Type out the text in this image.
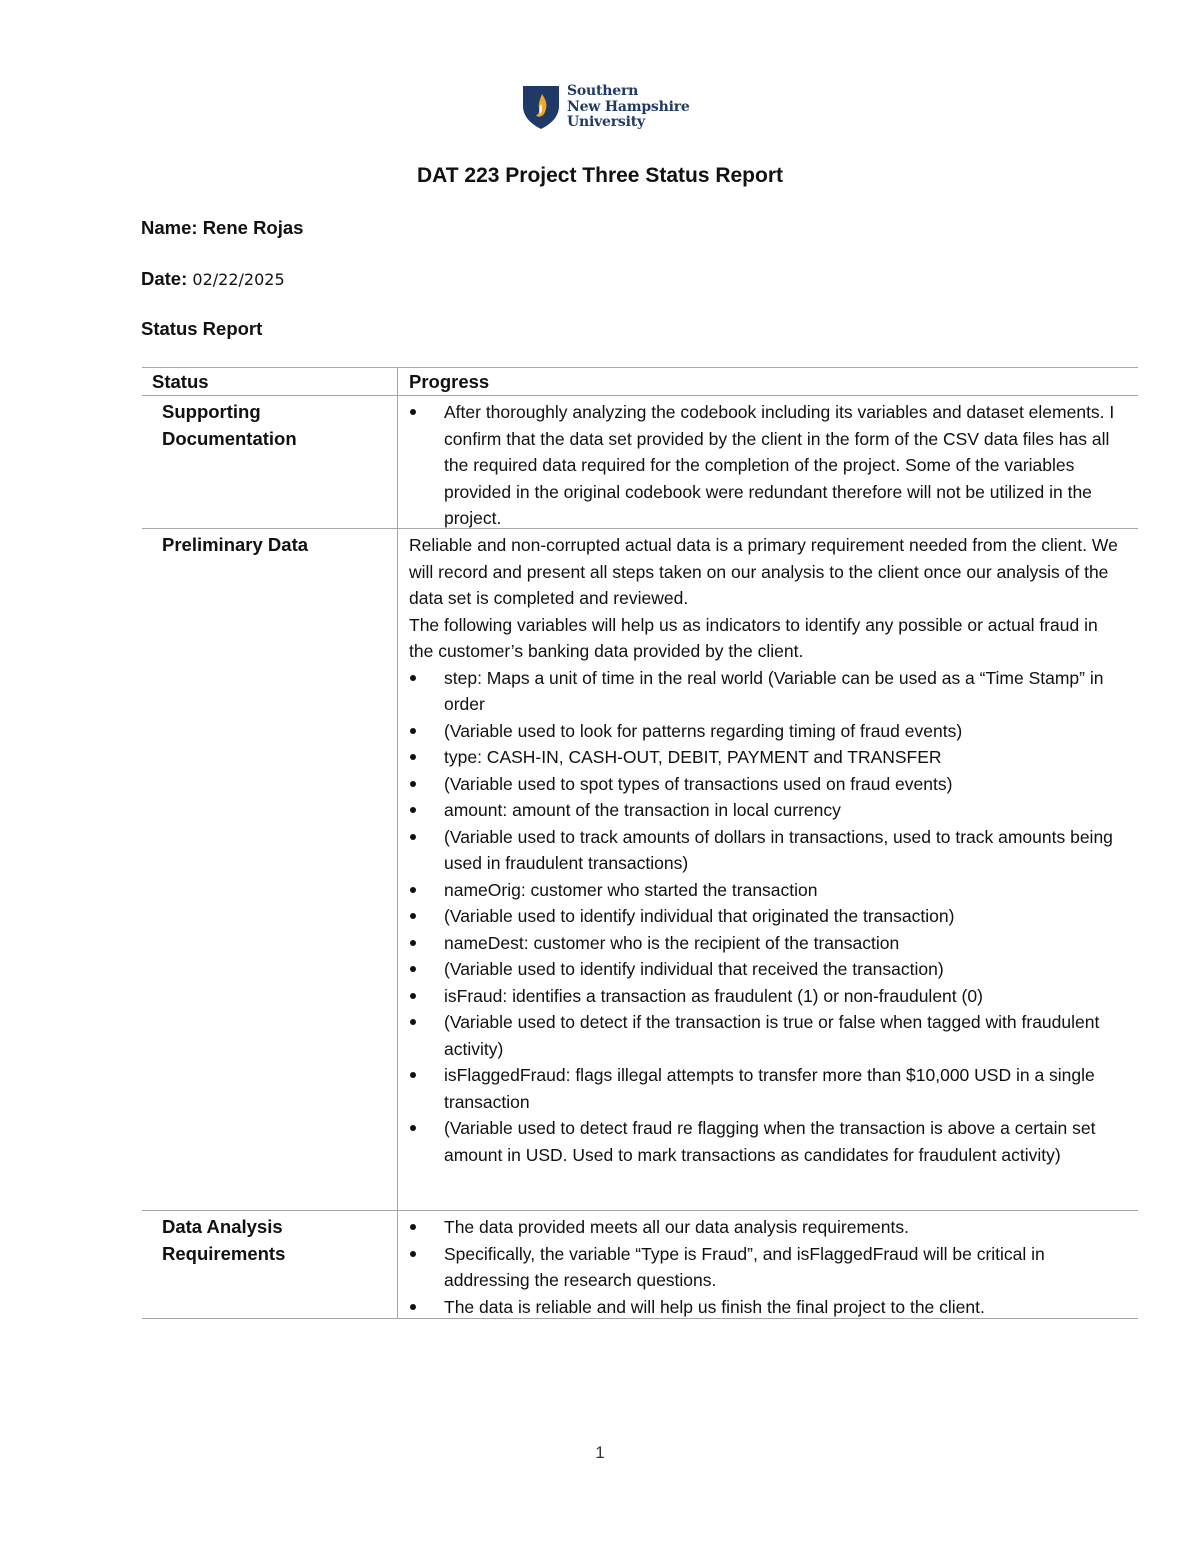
Southern
New Hampshire
University
DAT 223 Project Three Status Report
Name: Rene Rojas
Date: 02/22/2025
Status Report
Status	Progress
Supporting Documentation
After thoroughly analyzing the codebook including its variables and dataset elements. I confirm that the data set provided by the client in the form of the CSV data files has all the required data required for the completion of the project. Some of the variables provided in the original codebook were redundant therefore will not be utilized in the project.
Preliminary Data	Reliable and non-corrupted actual data is a primary requirement needed from the client. We will record and present all steps taken on our analysis to the client once our analysis of the data set is completed and reviewed.

The following variables will help us as indicators to identify any possible or actual fraud in the customer’s banking data provided by the client.

step: Maps a unit of time in the real world (Variable can be used as a “Time Stamp” in order
(Variable used to look for patterns regarding timing of fraud events)
type: CASH-IN, CASH-OUT, DEBIT, PAYMENT and TRANSFER
(Variable used to spot types of transactions used on fraud events)
amount: amount of the transaction in local currency
(Variable used to track amounts of dollars in transactions, used to track amounts being used in fraudulent transactions)
nameOrig: customer who started the transaction
(Variable used to identify individual that originated the transaction)
nameDest: customer who is the recipient of the transaction
(Variable used to identify individual that received the transaction)
isFraud: identifies a transaction as fraudulent (1) or non-fraudulent (0)
(Variable used to detect if the transaction is true or false when tagged with fraudulent activity)
isFlaggedFraud: flags illegal attempts to transfer more than $10,000 USD in a single transaction
(Variable used to detect fraud re flagging when the transaction is above a certain set amount in USD. Used to mark transactions as candidates for fraudulent activity)
Data Analysis Requirements
The data provided meets all our data analysis requirements.
Specifically, the variable “Type is Fraud”, and isFlaggedFraud will be critical in addressing the research questions.
The data is reliable and will help us finish the final project to the client.
1
